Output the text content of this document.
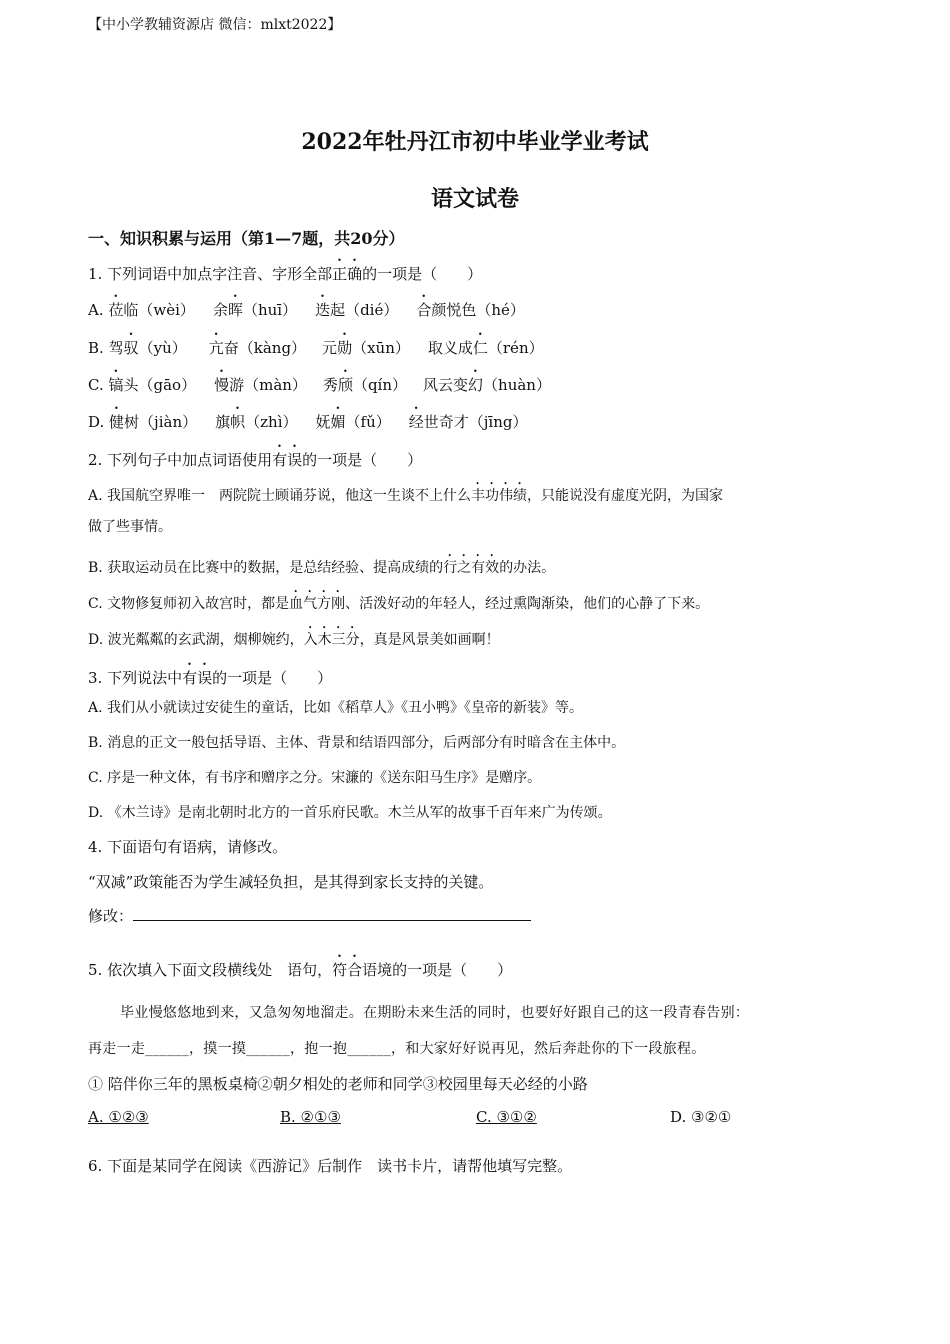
【中小学教辅资源店 微信：mlxt2022】
2022年牡丹江市初中毕业学业考试
语文试卷
一、知识积累与运用（第1—7题，共20分）
1. 下列词语中加点字注音、字形全部正确的一项是（　　）
A. 莅临（wèi） 余晖（huī） 迭起（dié） 合颜悦色（hé）
B. 驾驭（yù） 亢奋（kàng） 元勋（xūn） 取义成仁（rén）
C. 镐头（gāo） 慢游（màn） 秀颀（qín） 风云变幻（huàn）
D. 健树（jiàn） 旗帜（zhì） 妩媚（fǔ） 经世奇才（jīng）
2. 下列句子中加点词语使用有误的一项是（　　）
A. 我国航空界唯一　两院院士顾诵芬说，他这一生谈不上什么丰功伟绩，只能说没有虚度光阴，为国家
做了些事情。
B. 获取运动员在比赛中的数据，是总结经验、提高成绩的行之有效的办法。
C. 文物修复师初入故宫时，都是血气方刚、活泼好动的年轻人，经过熏陶渐染，他们的心静了下来。
D. 波光粼粼的玄武湖，烟柳婉约，入木三分，真是风景美如画啊！
3. 下列说法中有误的一项是（　　）
A. 我们从小就读过安徒生的童话，比如《稻草人》《丑小鸭》《皇帝的新装》等。
B. 消息的正文一般包括导语、主体、背景和结语四部分，后两部分有时暗含在主体中。
C. 序是一种文体，有书序和赠序之分。宋濂的《送东阳马生序》是赠序。
D. 《木兰诗》是南北朝时北方的一首乐府民歌。木兰从军的故事千百年来广为传颂。
4. 下面语句有语病，请修改。
“双减”政策能否为学生减轻负担，是其得到家长支持的关键。
修改：
5. 依次填入下面文段横线处　语句，符合语境的一项是（　　）
毕业慢悠悠地到来，又急匆匆地溜走。在期盼未来生活的同时，也要好好跟自己的这一段青春告别：
再走一走______，摸一摸______，抱一抱______，和大家好好说再见，然后奔赴你的下一段旅程。
① 陪伴你三年的黑板桌椅②朝夕相处的老师和同学③校园里每天必经的小路
A. ①②③	B. ②①③	C. ③①②	D. ③②①
6. 下面是某同学在阅读《西游记》后制作　读书卡片，请帮他填写完整。
